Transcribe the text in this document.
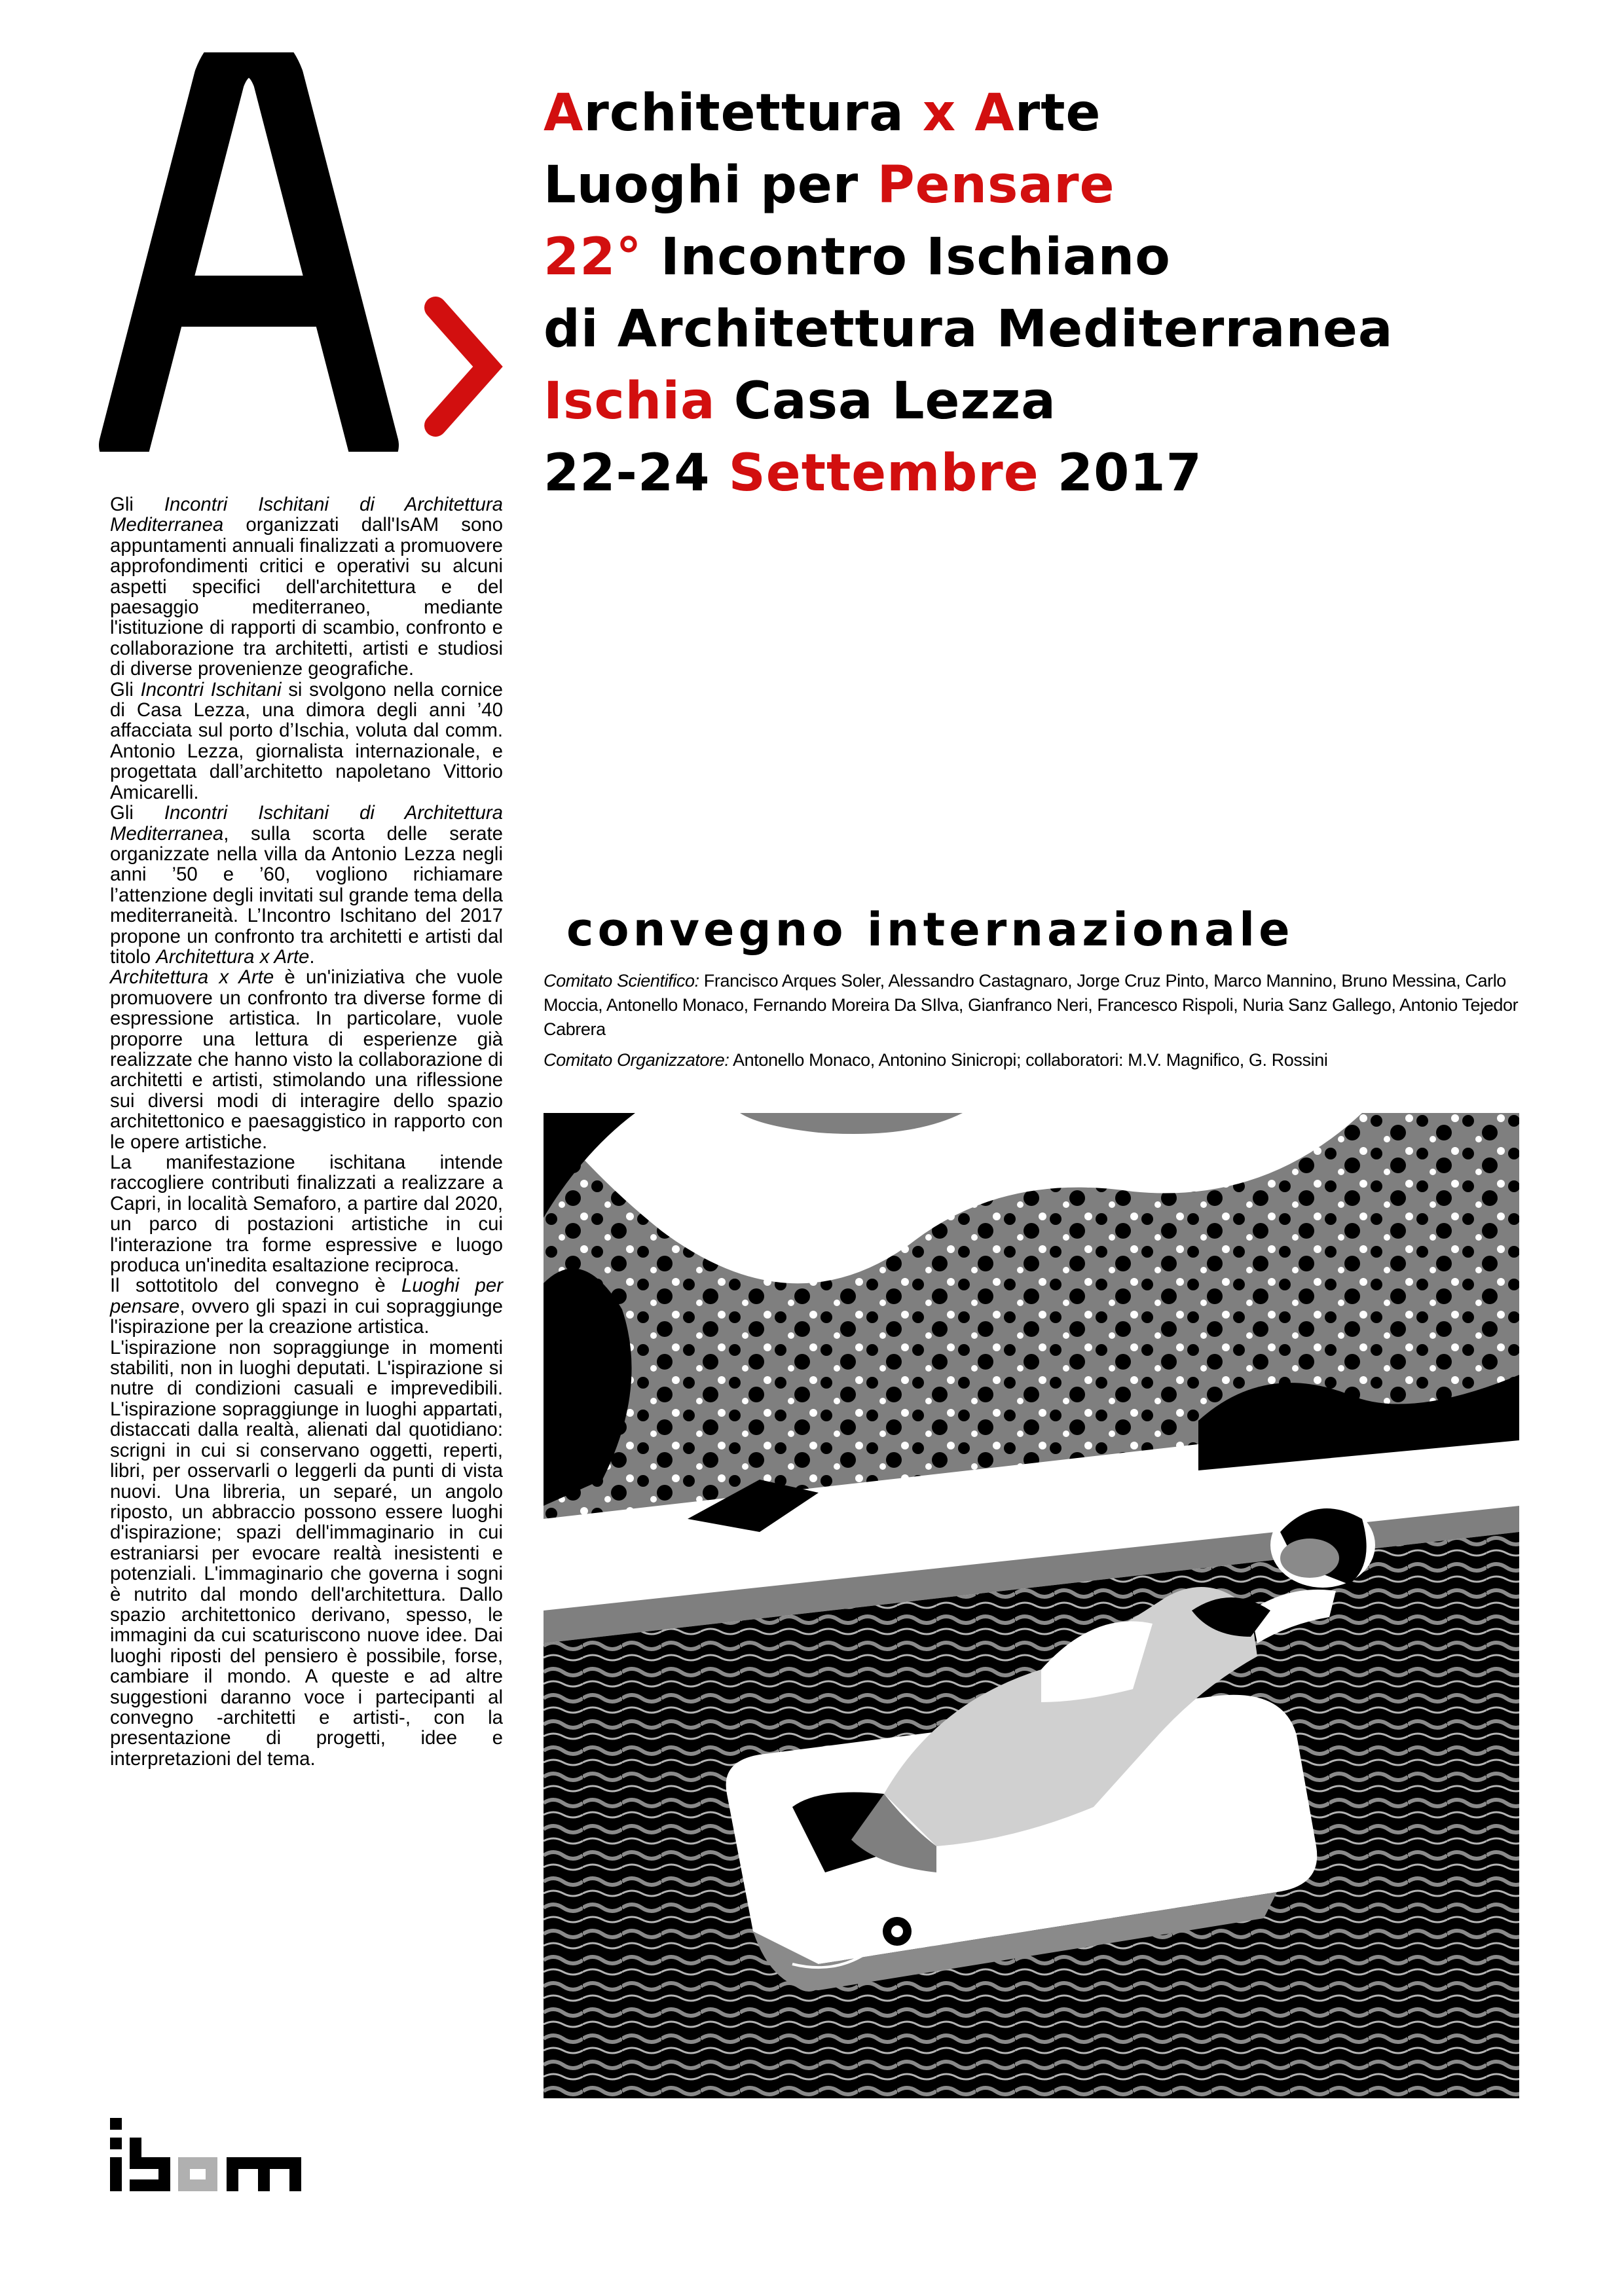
Architettura x Arte
Luoghi per Pensare
22° Incontro Ischiano
di Architettura Mediterranea
Ischia Casa Lezza
22-24 Settembre 2017

Gli Incontri Ischitani di Architettura Mediterranea organizzati dall'IsAM sono appuntamenti annuali finalizzati a promuovere approfondimenti critici e operativi su alcuni aspetti specifici dell'architettura e del paesaggio mediterraneo, mediante l'istituzione di rapporti di scambio, confronto e collaborazione tra architetti, artisti e studiosi di diverse provenienze geografiche.

Gli Incontri Ischitani si svolgono nella cornice di Casa Lezza, una dimora degli anni ’40 affacciata sul porto d’Ischia, voluta dal comm. Antonio Lezza, giornalista internazionale, e progettata dall’architetto napoletano Vittorio Amicarelli.

Gli Incontri Ischitani di Architettura Mediterranea, sulla scorta delle serate organizzate nella villa da Antonio Lezza negli anni ’50 e ’60, vogliono richiamare l’attenzione degli invitati sul grande tema della mediterraneità. L’Incontro Ischitano del 2017 propone un confronto tra architetti e artisti dal titolo Architettura x Arte.

Architettura x Arte è un'iniziativa che vuole promuovere un confronto tra diverse forme di espressione artistica. In particolare, vuole proporre una lettura di esperienze già realizzate che hanno visto la collaborazione di architetti e artisti, stimolando una riflessione sui diversi modi di interagire dello spazio architettonico e paesaggistico in rapporto con le opere artistiche.

La manifestazione ischitana intende raccogliere contributi finalizzati a realizzare a Capri, in località Semaforo, a partire dal 2020, un parco di postazioni artistiche in cui l'interazione tra forme espressive e luogo produca un'inedita esaltazione reciproca.

Il sottotitolo del convegno è Luoghi per pensare, ovvero gli spazi in cui sopraggiunge l'ispirazione per la creazione artistica.

L'ispirazione non sopraggiunge in momenti stabiliti, non in luoghi deputati. L'ispirazione si nutre di condizioni casuali e imprevedibili. L'ispirazione sopraggiunge in luoghi appartati, distaccati dalla realtà, alienati dal quotidiano: scrigni in cui si conservano oggetti, reperti, libri, per osservarli o leggerli da punti di vista nuovi. Una libreria, un separé, un angolo riposto, un abbraccio possono essere luoghi d'ispirazione; spazi dell'immaginario in cui estraniarsi per evocare realtà inesistenti e potenziali. L'immaginario che governa i sogni è nutrito dal mondo dell'architettura. Dallo spazio architettonico derivano, spesso, le immagini da cui scaturiscono nuove idee. Dai luoghi riposti del pensiero è possibile, forse, cambiare il mondo. A queste e ad altre suggestioni daranno voce i partecipanti al convegno -architetti e artisti-, con la presentazione di progetti, idee e interpretazioni del tema.

convegno internazionale

Comitato Scientifico: Francisco Arques Soler, Alessandro Castagnaro, Jorge Cruz Pinto, Marco Mannino, Bruno Messina, Carlo Moccia, Antonello Monaco, Fernando Moreira Da SIlva, Gianfranco Neri, Francesco Rispoli, Nuria Sanz Gallego, Antonio Tejedor Cabrera

Comitato Organizzatore: Antonello Monaco, Antonino Sinicropi; collaboratori: M.V. Magnifico, G. Rossini
